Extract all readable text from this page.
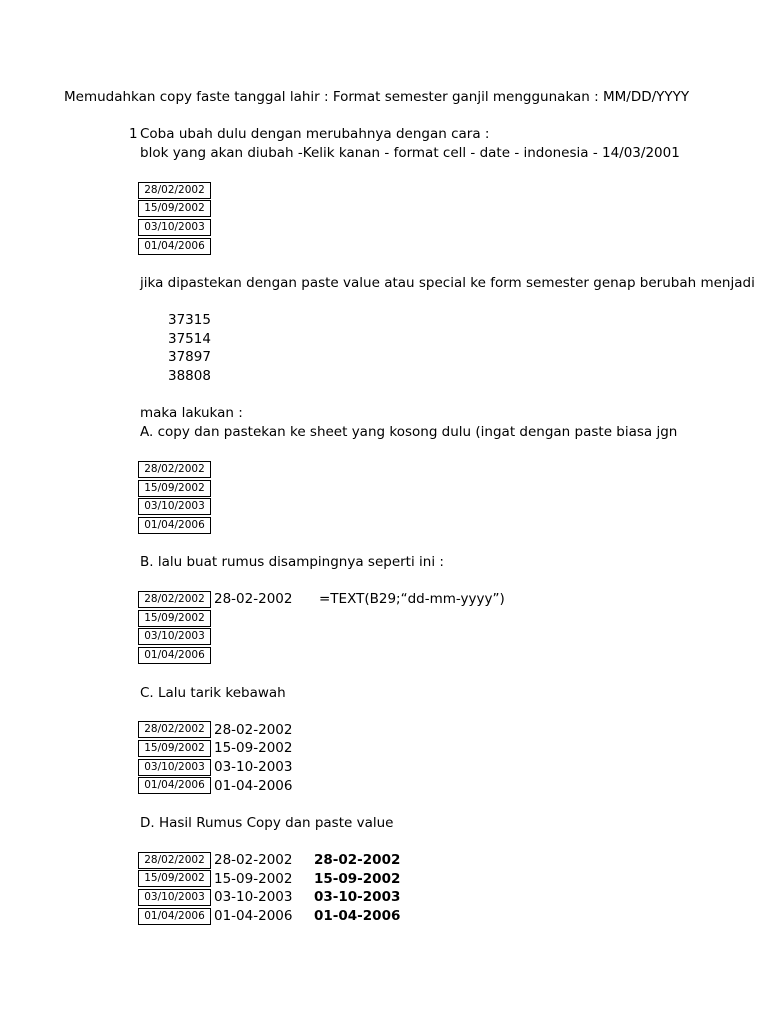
Memudahkan copy faste tanggal lahir : Format semester ganjil menggunakan : MM/DD/YYYY
1 Coba ubah dulu dengan merubahnya dengan cara :
blok yang akan diubah -Kelik kanan - format cell - date - indonesia - 14/03/2001
28/02/2002
15/09/2002
03/10/2003
01/04/2006
jika dipastekan dengan paste value atau special ke form semester genap berubah menjadi
37315
37514
37897
38808
maka lakukan :
A. copy dan pastekan ke sheet yang kosong dulu (ingat dengan paste biasa jgn
28/02/2002
15/09/2002
03/10/2003
01/04/2006
B. lalu buat rumus disampingnya seperti ini :
28/02/2002
15/09/2002
03/10/2003
01/04/2006
28-02-2002 =TEXT(B29;“dd-mm-yyyy”)
C. Lalu tarik kebawah
28/02/2002
15/09/2002
03/10/2003
01/04/2006
28-02-2002
15-09-2002
03-10-2003
01-04-2006
D. Hasil Rumus Copy dan paste value
28/02/2002
15/09/2002
03/10/2003
01/04/2006
28-02-2002
15-09-2002
03-10-2003
01-04-2006
28-02-2002
15-09-2002
03-10-2003
01-04-2006
